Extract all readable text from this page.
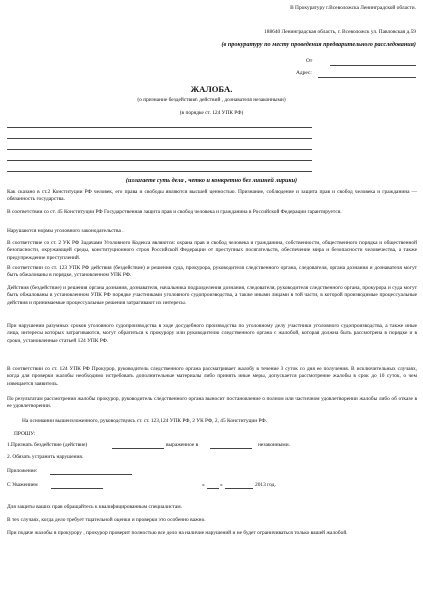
В Прокуратуру г.Всеволожска Ленинградской области.
188640 Ленинградская область, г. Всеволожск ул. Павловская д.59
(в прокуратуру по месту проведения предварительного расследования)
От
Адрес:
ЖАЛОБА.
(о признание бездействия\ действий , дознавателя незаконными)
(в порядке ст. 124 УПК РФ)
(излагаете суть дела , четко и конкретно без лишней лирики)
Как сказано в ст.2 Конституции РФ человек, его права и свободы являются высшей ценностью. Признание, соблюдение и защита прав и свобод человека и гражданина — обязанность государства.
В соответствии со ст. 45 Конституции РФ Государственная защита прав и свобод человека и гражданина в Российской Федерации гарантируется.
Нарушаются нормы уголовного законодательства .
В соответствие со ст. 2 УК РФ Задачами Уголовного Кодекса являются: охрана прав и свобод человека и гражданина, собственности, общественного порядка и общественной безопасности, окружающей среды, конституционного строя Российской Федерации от преступных посягательств, обеспечение мира и безопасности человечества, а также предупреждение преступлений.
В соответствии со ст. 123 УПК РФ действия (бездействие) и решения суда, прокурора, руководителя следственного органа, следователя, органа дознания и дознавателя могут быть обжалованы в порядке, установленном УПК РФ.
Действия (бездействие) и решения органа дознания, дознавателя, начальника подразделения дознания, следователя, руководителя следственного органа, прокурора и суда могут быть обжалованы в установленном УПК РФ порядке участниками уголовного судопроизводства, а также иными лицами в той части, в которой производимые процессуальные действия и принимаемые процессуальные решения затрагивают их интересы.
При нарушении разумных сроков уголовного судопроизводства в ходе досудебного производства по уголовному делу участники уголовного судопроизводства, а также иные лица, интересы которых затрагиваются, могут обратиться к прокурору или руководителю следственного органа с жалобой, которая должна быть рассмотрена в порядке и в сроки, установленные статьей 124 УПК РФ.
В соответствии со ст. 124 УПК РФ Прокурор, руководитель следственного органа рассматривает жалобу в течение 3 суток со дня ее получения. В исключительных случаях, когда для проверки жалобы необходимо истребовать дополнительные материалы либо принять иные меры, допускается рассмотрение жалобы в срок до 10 суток, о чем извещается заявитель.
По результатам рассмотрения жалобы прокурор, руководитель следственного органа выносит постановление о полном или частичном удовлетворении жалобы либо об отказе в ее удовлетворении.
На основании вышеизложенного, руководствуясь ст. ст. 123,124 УПК РФ, 2 УК РФ, 2, 45 Конституции РФ.
ПРОШУ:
1.Признать бездействие (действие)	выраженное в	незаконными.
2. Обязать устранить нарушения.
Приложение:
С Уважением	«	»	2013 год.
Для защиты ваших прав обращайтесь к квалифицированным специалистам.
В тех случаях, когда дело требует тщательной оценки и проверки это особенно важно.
При подаче жалобы в прокурору , прокурор проверит полностью все дело на наличие нарушений и не будет ограничиваться только вашей жалобой.
